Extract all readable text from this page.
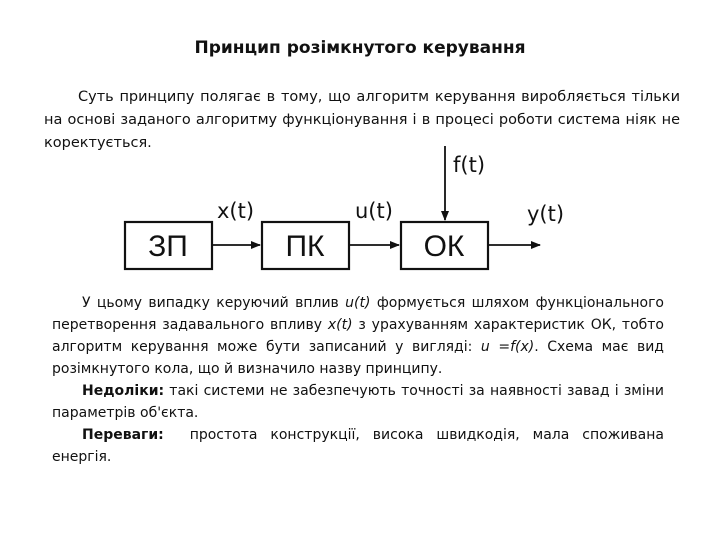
Принцип розімкнутого керування

Суть принципу полягає в тому, що алгоритм керування виробляється тільки на основі заданого алгоритму функціонування і в процесі роботи система ніяк не коректується.

ЗП	ПК	ОК
x(t)	u(t)	y(t)
f(t)

У цьому випадку керуючий вплив u(t) формується шляхом функціонального перетворення задавального впливу x(t) з урахуванням характеристик ОК, тобто алгоритм керування може бути записаний у вигляді: u =f(x). Схема має вид розімкнутого кола, що й визначило назву принципу.

Недоліки: такі системи не забезпечують точності за наявності завад і зміни параметрів об'єкта.

Переваги:  простота конструкції, висока швидкодія, мала споживана енергія.
